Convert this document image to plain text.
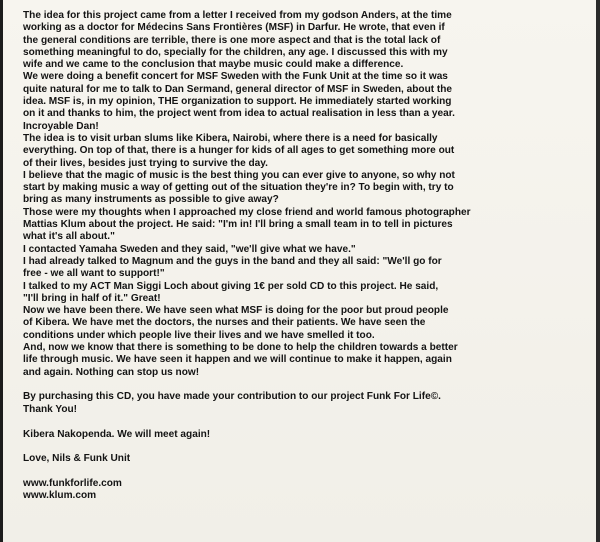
The idea for this project came from a letter I received from my godson Anders, at the time
working as a doctor for Médecins Sans Frontières (MSF) in Darfur. He wrote, that even if
the general conditions are terrible, there is one more aspect and that is the total lack of
something meaningful to do, specially for the children, any age. I discussed this with my
wife and we came to the conclusion that maybe music could make a difference.
We were doing a benefit concert for MSF Sweden with the Funk Unit at the time so it was
quite natural for me to talk to Dan Sermand, general director of MSF in Sweden, about the
idea. MSF is, in my opinion, THE organization to support. He immediately started working
on it and thanks to him, the project went from idea to actual realisation in less than a year.
Incroyable Dan!
The idea is to visit urban slums like Kibera, Nairobi, where there is a need for basically
everything. On top of that, there is a hunger for kids of all ages to get something more out
of their lives, besides just trying to survive the day.
I believe that the magic of music is the best thing you can ever give to anyone, so why not
start by making music a way of getting out of the situation they're in? To begin with, try to
bring as many instruments as possible to give away?
Those were my thoughts when I approached my close friend and world famous photographer
Mattias Klum about the project. He said: "I'm in! I'll bring a small team in to tell in pictures
what it's all about."
I contacted Yamaha Sweden and they said, "we'll give what we have."
I had already talked to Magnum and the guys in the band and they all said: "We'll go for
free - we all want to support!"
I talked to my ACT Man Siggi Loch about giving 1€ per sold CD to this project. He said,
"I'll bring in half of it." Great!
Now we have been there. We have seen what MSF is doing for the poor but proud people
of Kibera. We have met the doctors, the nurses and their patients. We have seen the
conditions under which people live their lives and we have smelled it too.
And, now we know that there is something to be done to help the children towards a better
life through music. We have seen it happen and we will continue to make it happen, again
and again. Nothing can stop us now!
By purchasing this CD, you have made your contribution to our project Funk For Life©.
Thank You!
Kibera Nakopenda. We will meet again!
Love, Nils & Funk Unit
www.funkforlife.com
www.klum.com
